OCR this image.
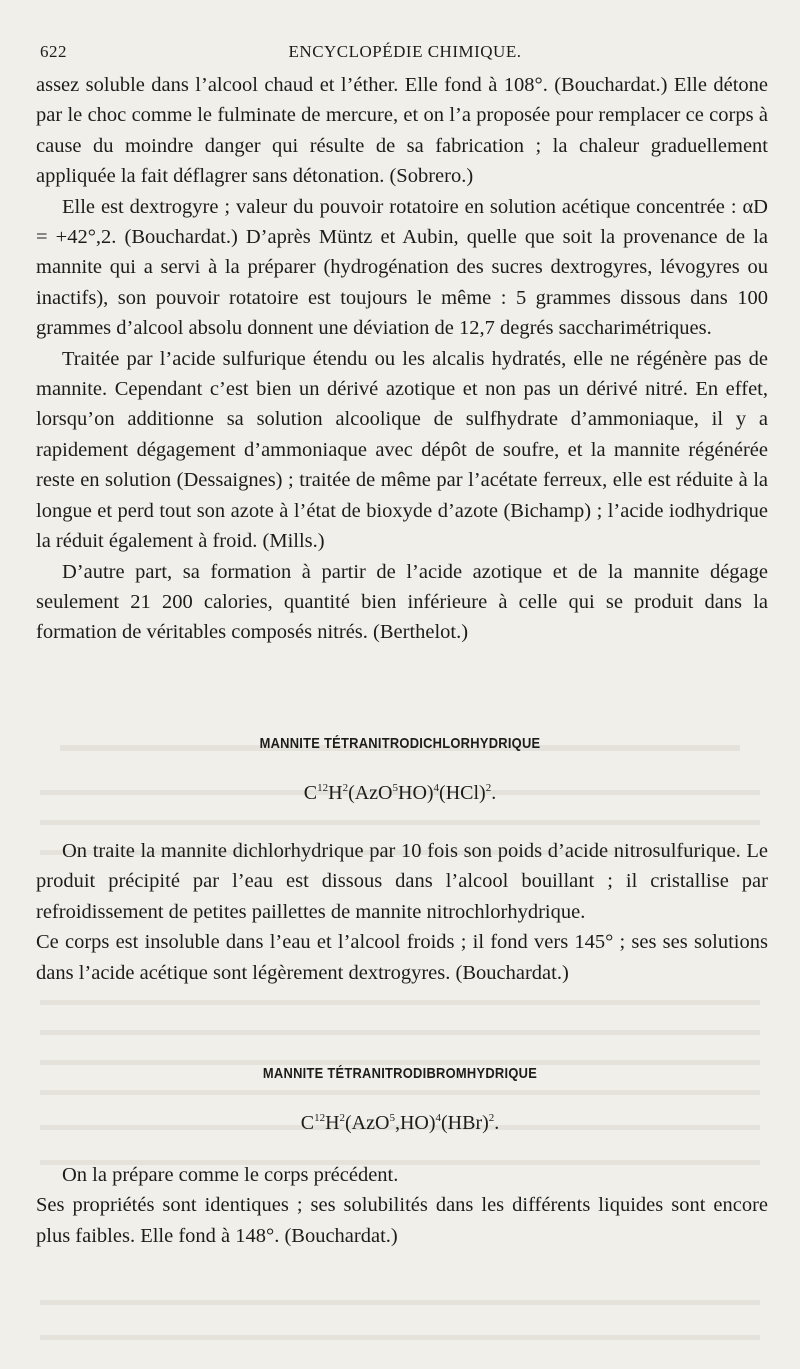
622	ENCYCLOPÉDIE CHIMIQUE.

assez soluble dans l’alcool chaud et l’éther. Elle fond à 108°. (Bouchardat.) Elle détone par le choc comme le fulminate de mercure, et on l’a proposée pour remplacer ce corps à cause du moindre danger qui résulte de sa fabrication ; la chaleur graduellement appliquée la fait déflagrer sans détonation. (Sobrero.)

Elle est dextrogyre ; valeur du pouvoir rotatoire en solution acétique concentrée : αD = +42°,2. (Bouchardat.) D’après Müntz et Aubin, quelle que soit la provenance de la mannite qui a servi à la préparer (hydrogénation des sucres dextrogyres, lévogyres ou inactifs), son pouvoir rotatoire est toujours le même : 5 grammes dissous dans 100 grammes d’alcool absolu donnent une déviation de 12,7 degrés saccharimétriques.

Traitée par l’acide sulfurique étendu ou les alcalis hydratés, elle ne régénère pas de mannite. Cependant c’est bien un dérivé azotique et non pas un dérivé nitré. En effet, lorsqu’on additionne sa solution alcoolique de sulfhydrate d’ammoniaque, il y a rapidement dégagement d’ammoniaque avec dépôt de soufre, et la mannite régénérée reste en solution (Dessaignes) ; traitée de même par l’acétate ferreux, elle est réduite à la longue et perd tout son azote à l’état de bioxyde d’azote (Bichamp) ; l’acide iodhydrique la réduit également à froid. (Mills.)

D’autre part, sa formation à partir de l’acide azotique et de la mannite dégage seulement 21 200 calories, quantité bien inférieure à celle qui se produit dans la formation de véritables composés nitrés. (Berthelot.)

MANNITE TÉTRANITRODICHLORHYDRIQUE
$C^{12}H^2(AzO^5HO)^4(HCl)^2$.

On traite la mannite dichlorhydrique par 10 fois son poids d’acide nitrosulfurique. Le produit précipité par l’eau est dissous dans l’alcool bouillant ; il cristallise par refroidissement de petites paillettes de mannite nitrochlorhydrique.

Ce corps est insoluble dans l’eau et l’alcool froids ; il fond vers 145° ; ses ses solutions dans l’acide acétique sont légèrement dextrogyres. (Bouchardat.)

MANNITE TÉTRANITRODIBROMHYDRIQUE
$C^{12}H^2(AzO^5,HO)^4(HBr)^2$.

On la prépare comme le corps précédent.

Ses propriétés sont identiques ; ses solubilités dans les différents liquides sont encore plus faibles. Elle fond à 148°. (Bouchardat.)
